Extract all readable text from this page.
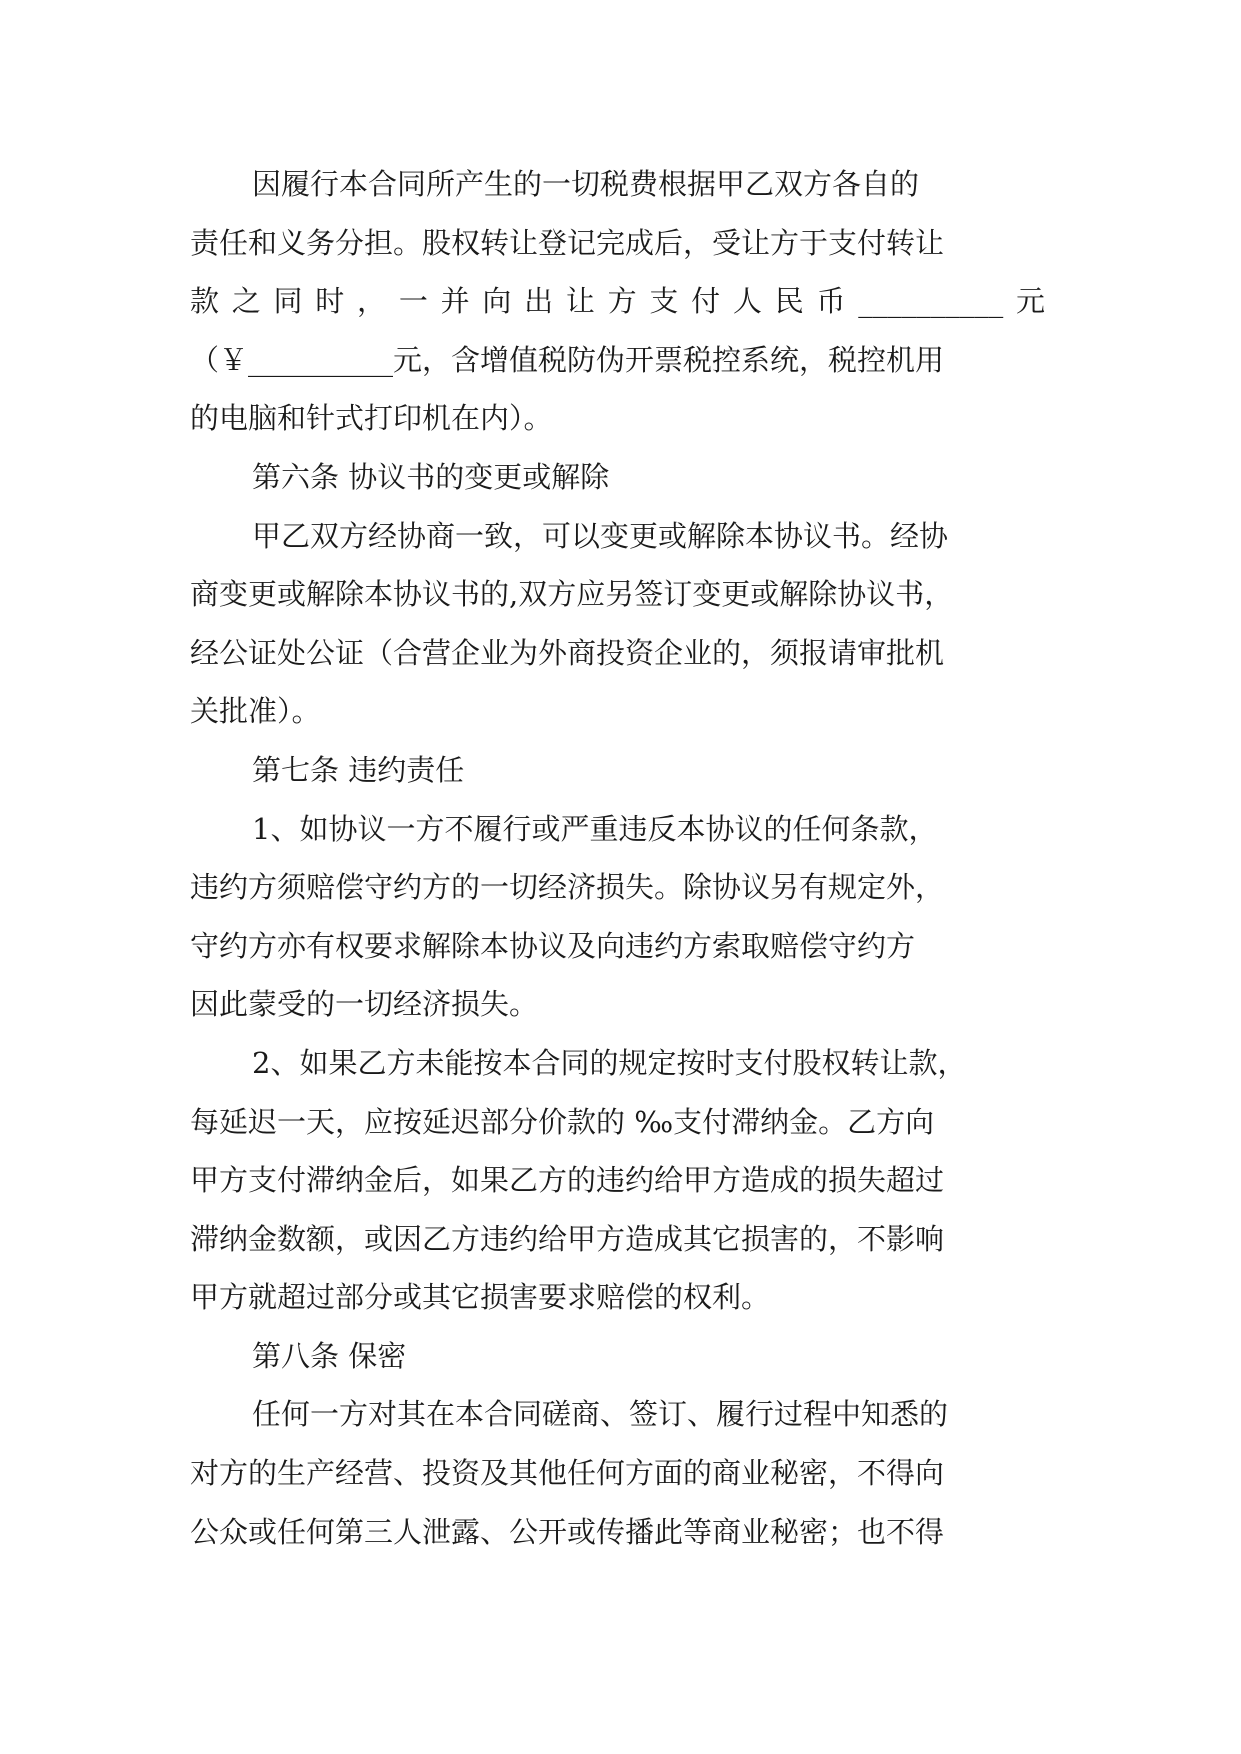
因履行本合同所产生的一切税费根据甲乙双方各自的
责任和义务分担。股权转让登记完成后，受让方于支付转让
款之同时，一并向出让方支付人民币__________元
（￥__________元，含增值税防伪开票税控系统，税控机用
的电脑和针式打印机在内）。
第六条 协议书的变更或解除
甲乙双方经协商一致，可以变更或解除本协议书。经协
商变更或解除本协议书的,双方应另签订变更或解除协议书，
经公证处公证（合营企业为外商投资企业的，须报请审批机
关批准）。
第七条 违约责任
1、如协议一方不履行或严重违反本协议的任何条款，
违约方须赔偿守约方的一切经济损失。除协议另有规定外，
守约方亦有权要求解除本协议及向违约方索取赔偿守约方
因此蒙受的一切经济损失。
2、如果乙方未能按本合同的规定按时支付股权转让款，
每延迟一天，应按延迟部分价款的 ‰支付滞纳金。乙方向
甲方支付滞纳金后，如果乙方的违约给甲方造成的损失超过
滞纳金数额，或因乙方违约给甲方造成其它损害的，不影响
甲方就超过部分或其它损害要求赔偿的权利。
第八条 保密
任何一方对其在本合同磋商、签订、履行过程中知悉的
对方的生产经营、投资及其他任何方面的商业秘密，不得向
公众或任何第三人泄露、公开或传播此等商业秘密；也不得
